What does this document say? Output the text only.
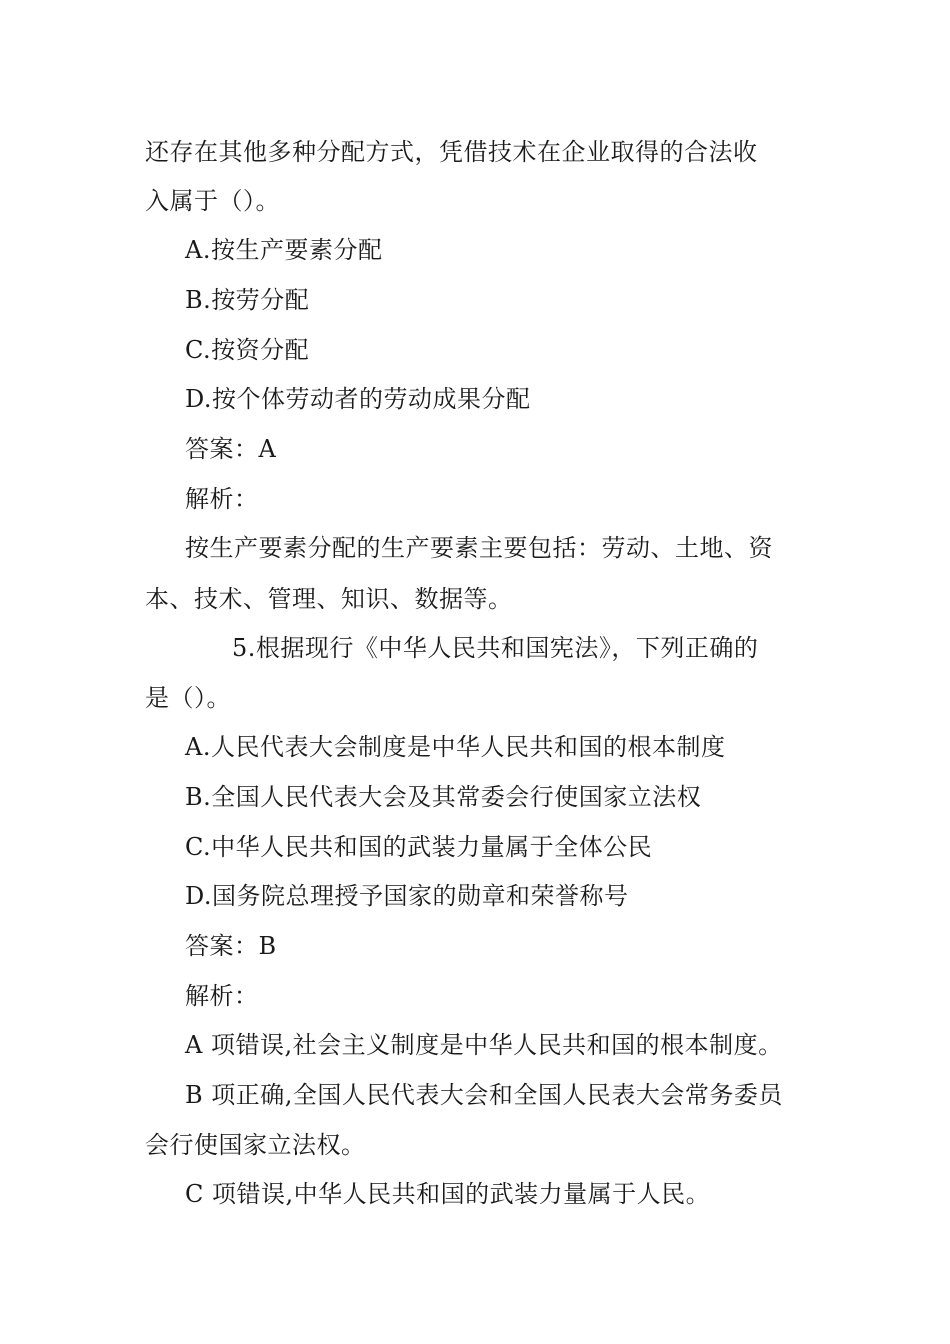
还存在其他多种分配方式，凭借技术在企业取得的合法收
入属于（）。
A.按生产要素分配
B.按劳分配
C.按资分配
D.按个体劳动者的劳动成果分配
答案：A
解析：
按生产要素分配的生产要素主要包括：劳动、土地、资
本、技术、管理、知识、数据等。
5.根据现行《中华人民共和国宪法》，下列正确的
是（）。
A.人民代表大会制度是中华人民共和国的根本制度
B.全国人民代表大会及其常委会行使国家立法权
C.中华人民共和国的武装力量属于全体公民
D.国务院总理授予国家的勋章和荣誉称号
答案：B
解析：
A 项错误,社会主义制度是中华人民共和国的根本制度。
B 项正确,全国人民代表大会和全国人民表大会常务委员
会行使国家立法权。
C 项错误,中华人民共和国的武装力量属于人民。
